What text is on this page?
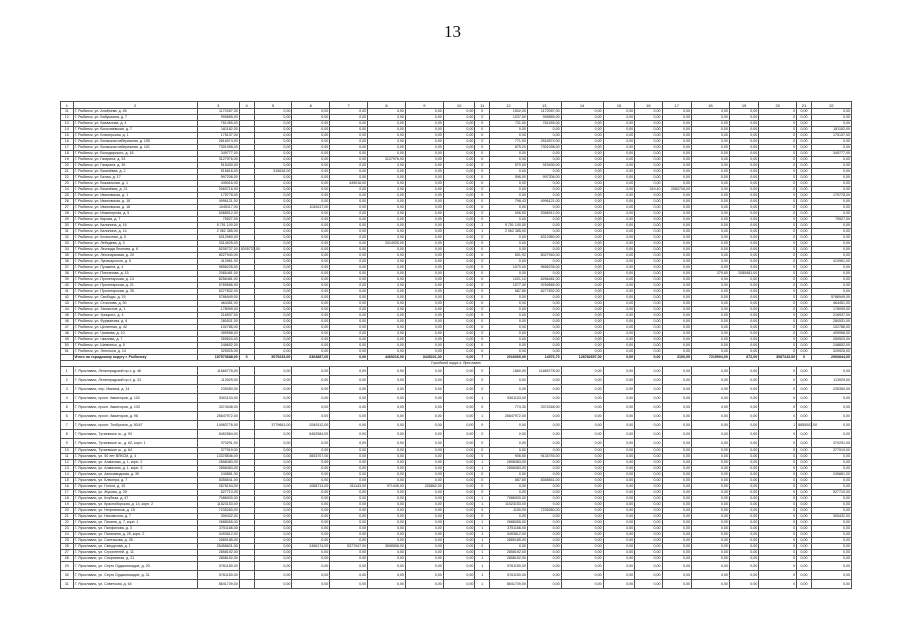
13
1	2	3	4	5	6	7	8	9	10	11	12	13	14	15	16	17	18	19	20	21	22
11	Г. Рыбинск, ул. Алябьева, д. 45	1172057,00		0,00	0,00	0,00	0,00	0,00	0,00	0	1502,00	1172057,00	0,00	0,00	0,00	0,00	0,00	0,00	0	0,00	0,00
12	Г. Рыбинск, ул. Бабушкина, д. 7	995855,00		0,00	0,00	0,00	0,00	0,00	0,00	0	1037,50	995855,00	0,00	0,00	0,00	0,00	0,00	0,00	0	0,00	0,00
13	Г. Рыбинск, ул. Бахвалова, д. 4	761455,00		0,00	0,00	0,00	0,00	0,00	0,00	0	731,00	761455,00	0,00	0,00	0,00	0,00	0,00	0,00	0	0,00	0,00
14	Г. Рыбинск, ул. Волочаевская, д. 7	181182,00		0,00	0,00	0,00	0,00	0,00	0,00	0	0,00	0,00	0,00	0,00	0,00	0,00	0,00	0,00	0	0,00	181182,00
15	Г. Рыбинск, ул. Блюхерская, д. 1	175137,00		0,00	0,00	0,00	0,00	0,00	0,00	0	0,00	0,00	0,00	0,00	0,00	0,00	0,00	0,00	0	0,00	175137,00
16	Г. Рыбинск, ул. Волжская набережная, д. 155	2816574,00		0,00	0,00	0,00	0,00	0,00	0,00	0	771,00	2816574,00	0,00	0,00	0,00	0,00	0,00	0,00	0	0,00	0,00
17	Г. Рыбинск, ул. Волжская набережная, д. 101	7301098,00		0,00	0,00	0,00	0,00	0,00	0,00	0	875,20	7301098,00	0,00	0,00	0,00	0,00	0,00	0,00	0	0,00	0,00
18	Г. Рыбинск, ул. Володарского, д. 18	349777,00		0,00	0,00	0,00	0,00	0,00	0,00	0	0,00	0,00	0,00	0,00	0,00	0,00	0,00	0,00	0	0,00	349777,00
19	Г. Рыбинск, ул. Гагарина, д. 33	3127976,00		0,00	0,00	0,00	3127976,00	0,00	0,00	0	0,00	0,00	0,00	0,00	0,00	0,00	0,00	0,00	0	0,00	0,00
20	Г. Рыбинск, ул. Гагарина, д. 35	915430,00		0,00	0,00	0,00	0,00	0,00	0,00	0	570,00	915430,00	0,00	0,00	0,00	0,00	0,00	0,00	0	0,00	0,00
21	Г. Рыбинск, ул. Вишнёвая, д. 2	515616,00		515616,00	0,00	0,00	0,00	0,00	0,00	0	0,00	0,00	0,00	0,00	0,00	0,00	0,00	0,00	0	0,00	0,00
22	Г. Рыбинск, ул. Белая, д. 17	997206,00		0,00	0,00	0,00	0,00	0,00	0,00	0	596,00	997206,00	0,00	0,00	0,00	0,00	0,00	0,00	0	0,00	0,00
23	Г. Рыбинск, ул. Вокзальная, д. 1	449016,00		0,00	0,00	449016,00	0,00	0,00	0,00	0	0,00	0,00	0,00	0,00	0,00	0,00	0,00	0,00	0	0,00	0,00
24	Г. Рыбинск, ул. Вишнёвая, д. 21	2083716,00		0,00	0,00	0,00	0,00	0,00	0,00	0	0,00	0,00	0,00	0,00	319,40	2083716,00	0,00	0,00	0	0,00	0,00
25	Г. Рыбинск, ул. Ивановская, д. 1	175778,00		0,00	0,00	0,00	0,00	0,00	0,00	0	0,00	0,00	0,00	0,00	0,00	0,00	0,00	0,00	0	0,00	175778,00
26	Г. Рыбинск, ул. Ивановская, д. 16	4996121,00		0,00	0,00	0,00	0,00	0,00	0,00	0	798,43	4996121,00	0,00	0,00	0,00	0,00	0,00	0,00	0	0,00	0,00
27	Г. Рыбинск, ул. Ивановская, д. 18	1045117,00		0,00	1045117,00	0,00	0,00	0,00	0,00	0	0,00	0,00	0,00	0,00	0,00	0,00	0,00	0,00	0	0,00	0,00
28	Г. Рыбинск, ул. Инженерная, д. 5	5368912,00		0,00	0,00	0,00	0,00	0,00	0,00	0	906,50	5368912,00	0,00	0,00	0,00	0,00	0,00	0,00	0	0,00	0,00
29	Г. Рыбинск, ул. Кирова, д. 7	75927,00		0,00	0,00	0,00	0,00	0,00	0,00	0	0,00	0,00	0,00	0,00	0,00	0,00	0,00	0,00	0	0,00	75927,00
30	Г. Рыбинск, ул. Калинина, д. 16	5 751 100,00		0,00	0,00	0,00	0,00	0,00	0,00	2	5 751 100,00	0,00	0,00	0,00	0,00	0,00	0,00	0,00	0	0,00	0,00
31	Г. Рыбинск, ул. Калинина, д. 14	2 062 385,00		0,00	0,00	0,00	0,00	0,00	0,00	1	2 062 385,00	0,00	0,00	0,00	0,00	0,00	0,00	0,00	0	0,00	0,00
32	Г. Рыбинск, ул. Колхозная, д. 5	6312960,00		0,00	0,00	0,00	0,00	0,00	0,00	0	0,00	6312960,00	0,00	0,00	0,00	0,00	0,00	0,00	0	0,00	0,00
33	Г. Рыбинск, ул. Лебедева, д. 3	3314925,00		0,00	0,00	0,00	3314925,00	0,00	0,00	0	0,00	0,00	0,00	0,00	0,00	0,00	0,00	0,00	0	0,00	0,00
34	Г. Рыбинск, ул. Леонида Леонова, д. 6	5205737,00	5205737,00	0,00	0,00	0,00	0,00	0,00	0,00	0	0,00	0,00	0,00	0,00	0,00	0,00	0,00	0,00	0	0,00	0,00
35	Г. Рыбинск, ул. Лесопарковая, д. 20	8027940,00		0,00	0,00	0,00	0,00	0,00	0,00	0	501,92	8027940,00	0,00	0,00	0,00	0,00	0,00	0,00	0	0,00	0,00
36	Г. Рыбинск, ул. Луначарского, д. 6	413961,00		0,00	0,00	0,00	0,00	0,00	0,00	0	0,00	0,00	0,00	0,00	0,00	0,00	0,00	0,00	0	0,00	413961,00
37	Г. Рыбинск, ул. Пушкина, д. 4	9656235,00		0,00	0,00	0,00	0,00	0,00	0,00	0	1070,00	9656235,00	0,00	0,00	0,00	0,00	0,00	0,00	0	0,00	0,00
38	Г. Рыбинск, ул. Плеханова, д. 15	2085481,00		0,00	0,00	0,00	0,00	0,00	0,00	0	0,00	0,00	0,00	0,00	0,00	0,00	279,80	2085481,00	0	0,00	0,00
39	Г. Рыбинск, ул. Пролетарская, д. 13	8256481,00		0,00	0,00	0,00	0,00	0,00	0,00	0	1021,10	8256481,00	0,00	0,00	0,00	0,00	0,00	0,00	0	0,00	0,00
40	Г. Рыбинск, ул. Пролетарская, д. 21	9769566,00		0,00	0,00	0,00	0,00	0,00	0,00	0	1077,40	9769566,00	0,00	0,00	0,00	0,00	0,00	0,00	0	0,00	0,00
41	Г. Рыбинск, ул. Пролетарская, д. 35	6277832,00		0,00	0,00	0,00	0,00	0,00	0,00	0	687,80	6277832,00	0,00	0,00	0,00	0,00	0,00	0,00	0	0,00	0,00
42	Г. Рыбинск, ул. Свободы, д. 19	5786949,00		0,00	0,00	0,00	0,00	0,00	0,00	0	0,00	0,00	0,00	0,00	0,00	0,00	0,00	0,00	0	0,00	5786949,00
43	Г. Рыбинск, ул. Стоялова, д. 30	464451,00		0,00	0,00	0,00	0,00	0,00	0,00	0	0,00	0,00	0,00	0,00	0,00	0,00	0,00	0,00	0	0,00	464451,00
44	Г. Рыбинск, ул. Танкистов, д. 1	178099,00		0,00	0,00	0,00	0,00	0,00	0,00	0	0,00	0,00	0,00	0,00	0,00	0,00	0,00	0,00	0	0,00	178099,00
45	Г. Рыбинск, ул. Урицкого, д. 4	216937,00		0,00	0,00	0,00	0,00	0,00	0,00	0	0,00	0,00	0,00	0,00	0,00	0,00	0,00	0,00	0	0,00	216937,00
46	Г. Рыбинск, ул. Фурманова, д. 6	280531,00		0,00	0,00	0,00	0,00	0,00	0,00	0	0,00	0,00	0,00	0,00	0,00	0,00	0,00	0,00	0	0,00	280531,00
47	Г. Рыбинск, ул. Целинная, д. 42	102786,00		0,00	0,00	0,00	0,00	0,00	0,00	0	0,00	0,00	0,00	0,00	0,00	0,00	0,00	0,00	0	0,00	102786,00
48	Г. Рыбинск, ул. Чапаева, д. 10	499958,00		0,00	0,00	0,00	0,00	0,00	0,00	0	0,00	0,00	0,00	0,00	0,00	0,00	0,00	0,00	0	0,00	499958,00
49	Г. Рыбинск, ул. Чкалова, д. 7	269520,00		0,00	0,00	0,00	0,00	0,00	0,00	0	0,00	0,00	0,00	0,00	0,00	0,00	0,00	0,00	0	0,00	269520,00
50	Г. Рыбинск, ул. Шевченко, д. 5	248652,00		0,00	0,00	0,00	0,00	0,00	0,00	0	0,00	0,00	0,00	0,00	0,00	0,00	0,00	0,00	0	0,00	248652,00
51	Г. Рыбинск, ул. Энгельса, д. 14	325925,00		0,00	0,00	0,00	0,00	0,00	0,00	0	0,00	0,00	0,00	0,00	0,00	0,00	0,00	0,00	0	0,00	325925,00
	Итого по городскому округу г. Рыбинску	187573688,00	0	5075233,00	6363887,00	0,00	4469216,00	3445221,00	0,00	7	2016000,00	14976,70	128782657,00	0,00	0,00	3100,00	7215904,00	872,00	3087243,00	0	2966844,00
Городской округ г. Ярославль																					
1	Г. Ярославль, Ленинградский пр-т, д. 46	11665778,00		0,00	0,00	0,00	0,00	0,00	0,00	0	1860,00	11665778,00	0,00	0,00	0,00	0,00	0,00	0,00	0	0,00	0,00
2	Г. Ярославль, Ленинградский пр-т, д. 33	113929,00		0,00	0,00	0,00	0,00	0,00	0,00	0	0,00	0,00	0,00	0,00	0,00	0,00	0,00	0,00	0	0,00	113929,00
3	Г. Ярославль, пер. Минина, д. 14	235350,00		0,00	0,00	0,00	0,00	0,00	0,00	0	0,00	0,00	0,00	0,00	0,00	0,00	0,00	0,00	0	0,00	235350,00
4	Г. Ярославль, просп. Авиаторов, д. 102	5301103,00		0,00	0,00	0,00	0,00	0,00	0,00	1	5301103,00	0,00	0,00	0,00	0,00	0,00	0,00	0,00	0	0,00	0,00
5	Г. Ярославль, просп. Авиаторов, д. 133	3374348,00		0,00	0,00	0,00	0,00	0,00	0,00	0	774,30	3374348,00	0,00	0,00	0,00	0,00	0,00	0,00	0	0,00	0,00
6	Г. Ярославль, просп. Авиаторов, д. 98	26647972,00		0,00	0,00	0,00	0,00	0,00	0,00	1	26647972,00	0,00	0,00	0,00	0,00	0,00	0,00	0,00	0	0,00	0,00
7	Г. Ярославль, просп. Толбухина, д. 50/47	14983776,00		3779661,00	5349112,00	0,00	0,00	0,00	0,00	0	0,00	0,00	0,00	0,00	0,00	0,00	0,00	0,00	1	5855003,00	0,00
8	Г. Ярославль, Тутаевское ш., д. 93	8452584,00		0,00	8452584,00	0,00	0,00	0,00	0,00	0	0,00	0,00	0,00	0,00	0,00	0,00	0,00	0,00	0	0,00	0,00
9	Г. Ярославль, Тутаевское ш., д. 62, корп. 1	370291,00		0,00	0,00	0,00	0,00	0,00	0,00	0	0,00	0,00	0,00	0,00	0,00	0,00	0,00	0,00	0	0,00	370291,00
10	Г. Ярославль, Тутаевское ш., д. 64	377919,00		0,00	0,00	0,00	0,00	0,00	0,00	0	0,00	0,00	0,00	0,00	0,00	0,00	0,00	0,00	0	0,00	377919,00
11	Г. Ярославль, ул. 50 лет ВЛКСМ, д. 4	13378546,00		0,00	3603707,00	0,00	0,00	0,00	0,00	0	906,50	9134793,00	0,00	0,00	0,00	0,00	0,00	0,00	0	0,00	0,00
12	Г. Ярославль, ул. Алмазная, д. 1, корп. 2	2898483,00		0,00	0,00	0,00	0,00	0,00	0,00	1	2898483,00	0,00	0,00	0,00	0,00	0,00	0,00	0,00	0	0,00	0,00
13	Г. Ярославль, ул. Алмазная, д. 1, корп. 3	2898483,00		0,00	0,00	0,00	0,00	0,00	0,00	1	2898483,00	0,00	0,00	0,00	0,00	0,00	0,00	0,00	0	0,00	0,00
14	Г. Ярославль, ул. Автозаводская, д. 35	249881,00		0,00	0,00	0,00	0,00	0,00	0,00	0	0,00	0,00	0,00	0,00	0,00	0,00	0,00	0,00	0	0,00	249881,00
15	Г. Ярославль, ул. Блюхера, д. 7	8358541,00		0,00	0,00	0,00	0,00	0,00	0,00	0	867,80	8358541,00	0,00	0,00	0,00	0,00	0,00	0,00	0	0,00	0,00
16	Г. Ярославль, ул. Гоголя, д. 10	2678154,00		0,00	1068713,00	311143,00	971436,00	326862,00	0,00	0	0,00	0,00	0,00	0,00	0,00	0,00	0,00	0,00	0	0,00	0,00
17	Г. Ярославль, ул. Жукова, д. 29	527710,00		0,00	0,00	0,00	0,00	0,00	0,00	0	0,00	0,00	0,00	0,00	0,00	0,00	0,00	0,00	0	0,00	527710,00
18	Г. Ярославль, ул. Клубная, д. 47	7086930,00		0,00	0,00	0,00	0,00	0,00	0,00	1	7086930,00	0,00	0,00	0,00	0,00	0,00	0,00	0,00	0	0,00	0,00
19	Г. Ярославль, ул. Красноборская, д. 14, корп. 2	11523153,00		0,00	0,00	0,00	0,00	0,00	0,00	1	11523153,00	0,00	0,00	0,00	0,00	0,00	0,00	0,00	0	0,00	0,00
20	Г. Ярославль, ул. Нефтяников, д. 15	7235260,00		0,00	0,00	0,00	0,00	0,00	0,00	0	1150,00	7235260,00	0,00	0,00	0,00	0,00	0,00	0,00	0	0,00	0,00
21	Г. Ярославль, ул. Нахимсона, д. 7	305432,00		0,00	0,00	0,00	0,00	0,00	0,00	0	0,00	0,00	0,00	0,00	0,00	0,00	0,00	0,00	0	0,00	305432,00
22	Г. Ярославль, ул. Панина, д. 7, корп. 1	2688065,00		0,00	0,00	0,00	0,00	0,00	0,00	1	2688065,00	0,00	0,00	0,00	0,00	0,00	0,00	0,00	0	0,00	0,00
23	Г. Ярославль, ул. Панфилова, д. 3	3751166,00		0,00	0,00	0,00	0,00	0,00	0,00	1	3751166,00	0,00	0,00	0,00	0,00	0,00	0,00	0,00	0	0,00	0,00
24	Г. Ярославль, ул. Папанина, д. 25, корп. 2	3493612,00		0,00	0,00	0,00	0,00	0,00	0,00	1	3493612,00	0,00	0,00	0,00	0,00	0,00	0,00	0,00	0	0,00	0,00
25	Г. Ярославль, ул. Салтыкова, д. 35	2889185,00		0,00	0,00	0,00	0,00	0,00	0,00	1	2889185,00	0,00	0,00	0,00	0,00	0,00	0,00	0,00	0	0,00	0,00
26	Г. Ярославль, ул. Свердлова, д. 1	25458631,00		0,00	2456174,00	5377047,00	3598558,00	0,00	0,00	0	0,00	0,00	0,00	0,00	0,00	0,00	0,00	0,00	0	0,00	0,00
27	Г. Ярославль, ул. Строителей, д. 11	2858192,00		0,00	0,00	0,00	0,00	0,00	0,00	1	2858192,00	0,00	0,00	0,00	0,00	0,00	0,00	0,00	0	0,00	0,00
28	Г. Ярославль, ул. Спортивная, д. 21	2858192,00		0,00	0,00	0,00	0,00	0,00	0,00	1	2858192,00	0,00	0,00	0,00	0,00	0,00	0,00	0,00	0	0,00	0,00
29	Г. Ярославль, ул. Серго Орджоникидзе, д. 29	5761150,00		0,00	0,00	0,00	0,00	0,00	0,00	1	5761150,00	0,00	0,00	0,00	0,00	0,00	0,00	0,00	0	0,00	0,00
30	Г. Ярославль, ул. Серго Орджоникидзе, д. 31	5761150,00		0,00	0,00	0,00	0,00	0,00	0,00	1	5761150,00	0,00	0,00	0,00	0,00	0,00	0,00	0,00	0	0,00	0,00
31	Г. Ярославль, ул. Советская, д. 64	8641739,00		0,00	0,00	0,00	0,00	0,00	0,00	1	8641739,00	0,00	0,00	0,00	0,00	0,00	0,00	0,00	0	0,00	0,00
